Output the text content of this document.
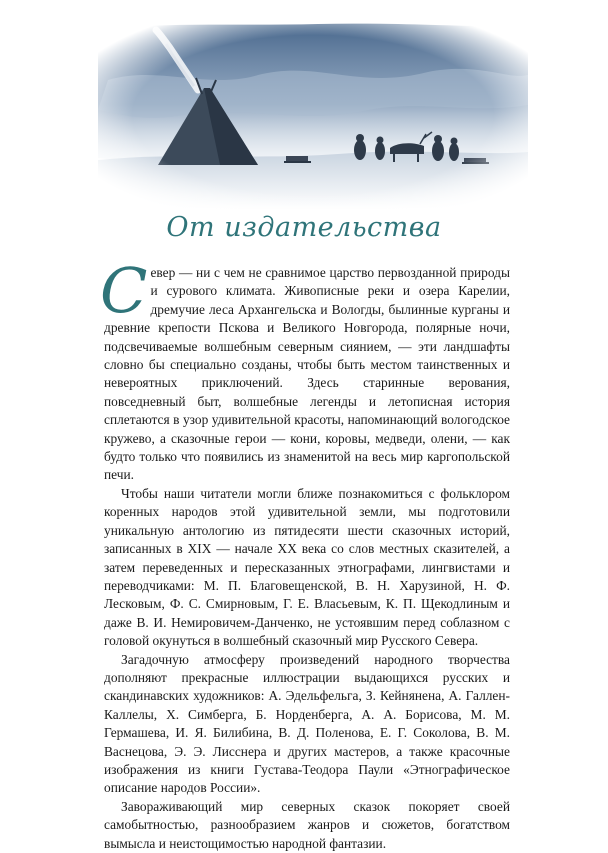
От издательства

Север — ни с чем не сравнимое царство первозданной природы и сурового климата. Живописные реки и озера Карелии, дремучие леса Архангельска и Вологды, былинные курганы и древние крепости Пскова и Великого Новгорода, полярные ночи, подсвечиваемые волшебным северным сиянием, — эти ландшафты словно бы специально созданы, чтобы быть местом таинственных и невероятных приключений. Здесь старинные верования, повседневный быт, волшебные легенды и летописная история сплетаются в узор удивительной красоты, напоминающий вологодское кружево, а сказочные герои — кони, коровы, медведи, олени, — как будто только что появились из знаменитой на весь мир каргопольской печи.

Чтобы наши читатели могли ближе познакомиться с фольклором коренных народов этой удивительной земли, мы подготовили уникальную антологию из пятидесяти шести сказочных историй, записанных в XIX — начале XX века со слов местных сказителей, а затем переведенных и пересказанных этнографами, лингвистами и переводчиками: М. П. Благовещенской, В. Н. Харузиной, Н. Ф. Лесковым, Ф. С. Смирновым, Г. Е. Власьевым, К. П. Щекодлиным и даже В. И. Немировичем-Данченко, не устоявшим перед соблазном с головой окунуться в волшебный сказочный мир Русского Севера.

Загадочную атмосферу произведений народного творчества дополняют прекрасные иллюстрации выдающихся русских и скандинавских художников: А. Эдельфельга, З. Кейнянена, А. Галлен-Каллелы, Х. Симберга, Б. Норденберга, А. А. Борисова, М. М. Гермашева, И. Я. Билибина, В. Д. Поленова, Е. Г. Соколова, В. М. Васнецова, Э. Э. Лисснера и других мастеров, а также красочные изображения из книги Густава-Теодора Паули «Этнографическое описание народов России».

Завораживающий мир северных сказок покоряет своей самобытностью, разнообразием жанров и сюжетов, богатством вымысла и неистощимостью народной фантазии.
